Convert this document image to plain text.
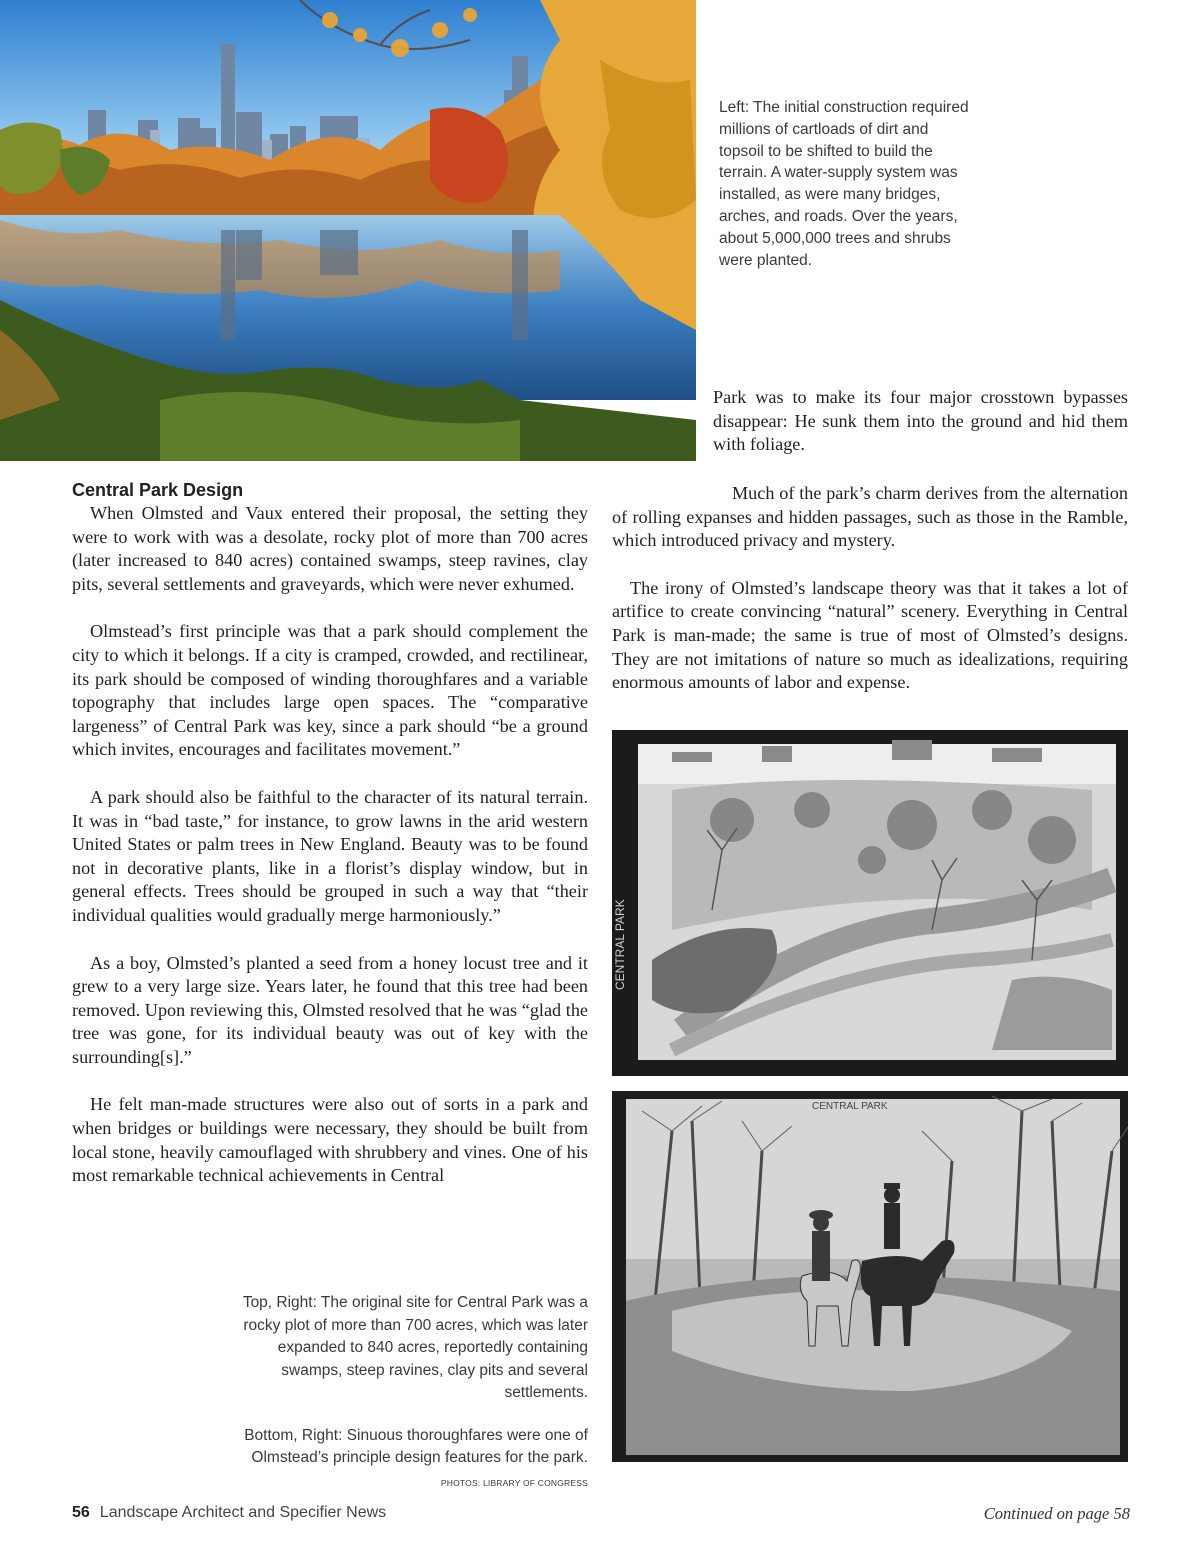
Left: The initial construction required millions of cartloads of dirt and topsoil to be shifted to build the terrain. A water-supply system was installed, as were many bridges, arches, and roads. Over the years, about 5,000,000 trees and shrubs were planted.

Park was to make its four major crosstown bypasses disappear: He sunk them into the ground and hid them with foliage.

Central Park Design

When Olmsted and Vaux entered their proposal, the setting they were to work with was a desolate, rocky plot of more than 700 acres (later increased to 840 acres) contained swamps, steep ravines, clay pits, several settlements and graveyards, which were never exhumed.

Olmstead’s first principle was that a park should complement the city to which it belongs. If a city is cramped, crowded, and rectilinear, its park should be composed of winding thoroughfares and a variable topography that includes large open spaces. The “comparative largeness” of Central Park was key, since a park should “be a ground which invites, encourages and facilitates movement.”

A park should also be faithful to the character of its natural terrain. It was in “bad taste,” for instance, to grow lawns in the arid western United States or palm trees in New England. Beauty was to be found not in decorative plants, like in a florist’s display window, but in general effects. Trees should be grouped in such a way that “their individual qualities would gradually merge harmoniously.”

As a boy, Olmsted’s planted a seed from a honey locust tree and it grew to a very large size. Years later, he found that this tree had been removed. Upon reviewing this, Olmsted resolved that he was “glad the tree was gone, for its individual beauty was out of key with the surrounding[s].”

He felt man-made structures were also out of sorts in a park and when bridges or buildings were necessary, they should be built from local stone, heavily camouflaged with shrubbery and vines. One of his most remarkable technical achievements in Central

Much of the park’s charm derives from the alternation of rolling expanses and hidden passages, such as those in the Ramble, which introduced privacy and mystery.

The irony of Olmsted’s landscape theory was that it takes a lot of artifice to create convincing “natural” scenery. Everything in Central Park is man-made; the same is true of most of Olmsted’s designs. They are not imitations of nature so much as idealizations, requiring enormous amounts of labor and expense.

CENTRAL PARK
CENTRAL PARK

Top, Right: The original site for Central Park was a rocky plot of more than 700 acres, which was later expanded to 840 acres, reportedly containing swamps, steep ravines, clay pits and several settlements.

Bottom, Right: Sinuous thoroughfares were one of Olmstead’s principle design features for the park.

PHOTOS: LIBRARY OF CONGRESS
56 Landscape Architect and Specifier News	Continued on page 58
